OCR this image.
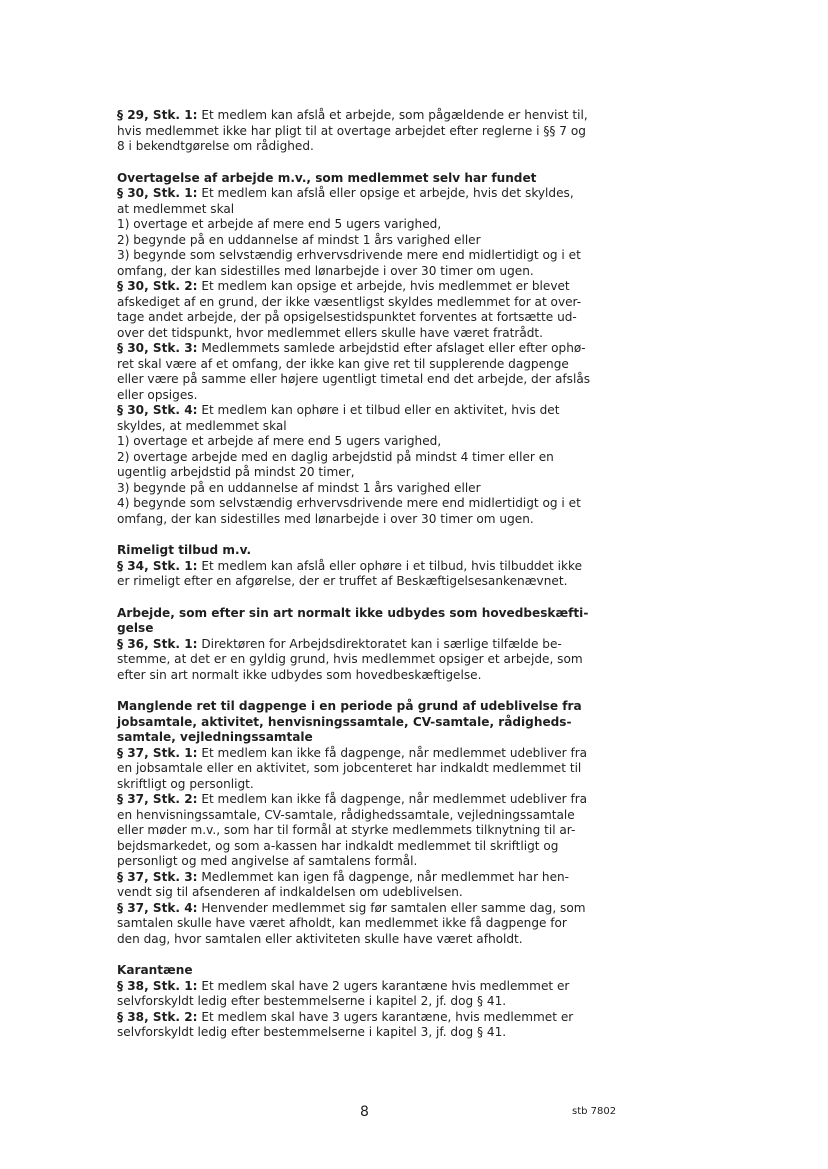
§ 29, Stk. 1: Et medlem kan afslå et arbejde, som pågældende er henvist til,
hvis medlemmet ikke har pligt til at overtage arbejdet efter reglerne i §§ 7 og
8 i bekendtgørelse om rådighed.
Overtagelse af arbejde m.v., som medlemmet selv har fundet
§ 30, Stk. 1: Et medlem kan afslå eller opsige et arbejde, hvis det skyldes,
at medlemmet skal
1) overtage et arbejde af mere end 5 ugers varighed,
2) begynde på en uddannelse af mindst 1 års varighed eller
3) begynde som selvstændig erhvervsdrivende mere end midlertidigt og i et
omfang, der kan sidestilles med lønarbejde i over 30 timer om ugen.
§ 30, Stk. 2: Et medlem kan opsige et arbejde, hvis medlemmet er blevet
afskediget af en grund, der ikke væsentligst skyldes medlemmet for at over-
tage andet arbejde, der på opsigelsestidspunktet forventes at fortsætte ud-
over det tidspunkt, hvor medlemmet ellers skulle have været fratrådt.
§ 30, Stk. 3: Medlemmets samlede arbejdstid efter afslaget eller efter ophø-
ret skal være af et omfang, der ikke kan give ret til supplerende dagpenge
eller være på samme eller højere ugentligt timetal end det arbejde, der afslås
eller opsiges.
§ 30, Stk. 4: Et medlem kan ophøre i et tilbud eller en aktivitet, hvis det
skyldes, at medlemmet skal
1) overtage et arbejde af mere end 5 ugers varighed,
2) overtage arbejde med en daglig arbejdstid på mindst 4 timer eller en
ugentlig arbejdstid på mindst 20 timer,
3) begynde på en uddannelse af mindst 1 års varighed eller
4) begynde som selvstændig erhvervsdrivende mere end midlertidigt og i et
omfang, der kan sidestilles med lønarbejde i over 30 timer om ugen.
Rimeligt tilbud m.v.
§ 34, Stk. 1: Et medlem kan afslå eller ophøre i et tilbud, hvis tilbuddet ikke
er rimeligt efter en afgørelse, der er truffet af Beskæftigelsesankenævnet.
Arbejde, som efter sin art normalt ikke udbydes som hovedbeskæfti-
gelse
§ 36, Stk. 1: Direktøren for Arbejdsdirektoratet kan i særlige tilfælde be-
stemme, at det er en gyldig grund, hvis medlemmet opsiger et arbejde, som
efter sin art normalt ikke udbydes som hovedbeskæftigelse.
Manglende ret til dagpenge i en periode på grund af udeblivelse fra
jobsamtale, aktivitet, henvisningssamtale, CV-samtale, rådigheds-
samtale, vejledningssamtale
§ 37, Stk. 1: Et medlem kan ikke få dagpenge, når medlemmet udebliver fra
en jobsamtale eller en aktivitet, som jobcenteret har indkaldt medlemmet til
skriftligt og personligt.
§ 37, Stk. 2: Et medlem kan ikke få dagpenge, når medlemmet udebliver fra
en henvisningssamtale, CV-samtale, rådighedssamtale, vejledningssamtale
eller møder m.v., som har til formål at styrke medlemmets tilknytning til ar-
bejdsmarkedet, og som a-kassen har indkaldt medlemmet til skriftligt og
personligt og med angivelse af samtalens formål.
§ 37, Stk. 3: Medlemmet kan igen få dagpenge, når medlemmet har hen-
vendt sig til afsenderen af indkaldelsen om udeblivelsen.
§ 37, Stk. 4: Henvender medlemmet sig før samtalen eller samme dag, som
samtalen skulle have været afholdt, kan medlemmet ikke få dagpenge for
den dag, hvor samtalen eller aktiviteten skulle have været afholdt.
Karantæne
§ 38, Stk. 1: Et medlem skal have 2 ugers karantæne hvis medlemmet er
selvforskyldt ledig efter bestemmelserne i kapitel 2, jf. dog § 41.
§ 38, Stk. 2: Et medlem skal have 3 ugers karantæne, hvis medlemmet er
selvforskyldt ledig efter bestemmelserne i kapitel 3, jf. dog § 41.
8	stb 7802
